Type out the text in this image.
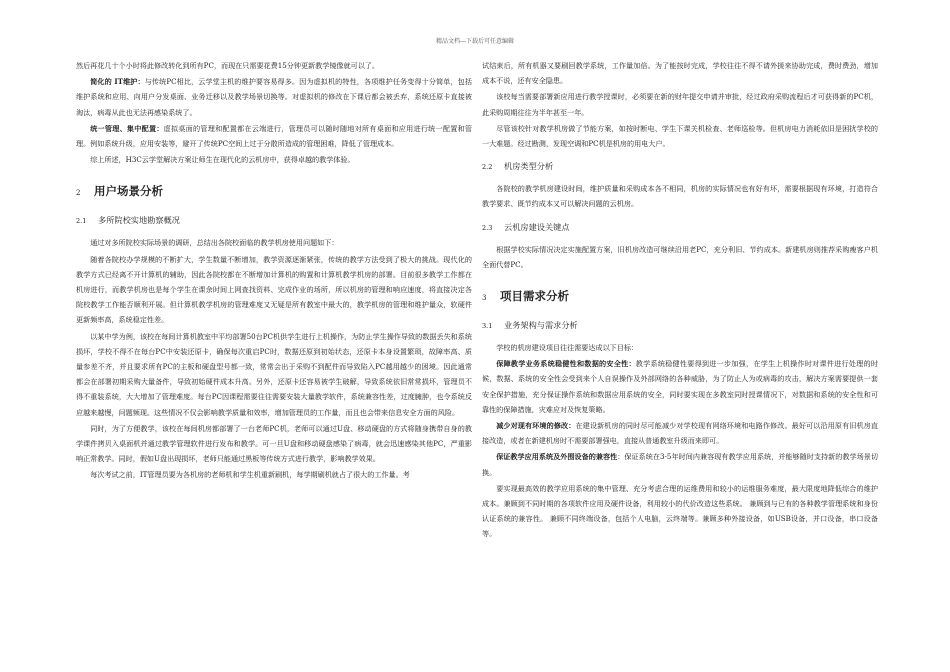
精品文档---下载后可任意编辑

然后再花几十个小时将此修改转化到所有PC，而现在只需要花费15分钟更新教学镜像就可以了。

简化的 IT维护：与传统PC相比，云学堂主机的维护要容易得多。因为虚拟机的特性，各项维护任务变得十分简单，包括维护系统和应用、向用户分发桌面、业务迁移以及教学场景切换等。对虚拟机的修改在下课后都会被丢弃，系统还原卡直接被淘汰，病毒从此也无法再感染系统了。

统一管理、集中配置：虚拟桌面的管理和配置都在云端进行，管理员可以随时随地对所有桌面和应用进行统一配置和管理。例如系统升级，应用安装等，避开了传统PC空间上过于分散所造成的管理困难，降低了管理成本。

综上所述，H3C云学堂解决方案让师生在现代化的云机房中，获得卓越的教学体验。

2 用户场景分析
2.1 多所院校实地勘察概况

通过对多所院校实际场景的调研，总结出各院校面临的教学机房使用问题如下：

随着各院校办学规模的不断扩大，学生数量不断增加，教学资源逐渐紧张，传统的教学方法受到了极大的挑战。现代化的教学方式已经离不开计算机的辅助，因此各院校都在不断增加计算机的购置和计算机教学机房的部署。目前很多教学工作都在机房进行，而教学机房也是每个学生在课余时间上网查找资料、完成作业的场所，所以机房的管理和响应速度，将直接决定各院校教学工作能否顺利开展。但计算机教学机房的管理难度又无疑是所有教室中最大的，教学机房的管理和维护量众，软硬件更新频率高，系统稳定性差。

以某中学为例，该校在每间计算机教室中平均部署50台PC机供学生进行上机操作，为防止学生操作导致的数据丢失和系统损坏，学校不得不在每台PC中安装还原卡，确保每次重启PC时，数据还原到初始状态，还原卡本身设置繁琐，故障率高、质量参差不齐，并且要求所有PC的主板和硬盘型号都一致，常常会出于采购不到配件而导致陷入PC越用越少的困境。因此通常都会在部署初期采购大量备件，导致初始硬件成本升高。另外，还原卡还容易被学生破解，导致系统依旧常常损坏，管理员不得不重装系统，大大增加了管理难度。每台PC因课程需要往往需要安装大量教学软件，系统兼容性差，过度臃肿，也令系统反应越来越慢，问题频现。这些情况不仅会影响教学质量和效率，增加管理员的工作量，而且也会带来信息安全方面的风险。

同时，为了方便教学，该校在每间机房都部署了一台老师PC机，老师可以通过U盘、移动硬盘的方式将随身携带自身的教学课件拷贝入桌面机并通过教学管理软件进行发布和教学。可一旦U盘和移动硬盘感染了病毒，就会迅速感染其他PC，严重影响正常教学。同时，假如U盘出现损坏，老师只能通过黑板等传统方式进行教学，影响教学效果。

每次考试之前，IT管理员要为各机房的老师机和学生机重新刷机，每学期刷机就占了很大的工作量。考

试结束后，所有机器又要刷回教学系统，工作量加倍。为了能按时完成，学校往往不得不请外援来协助完成，费时费劲，增加成本不说，还有安全隐患。

该校每当需要部署新应用进行教学授课时，必须要在新的财年提交申请并审批，经过政府采购流程后才可获得新的PC机，此采购周期往往为半年甚至一年。

尽管该校针对教学机房做了节能方案，如按时断电、学生下课关机检查、老师巡检等。但机房电力消耗依旧是困扰学校的一大难题。经过勘测，发现空调和PC机是机房的用电大户。

2.2 机房类型分析

各院校的教学机房建设时间，维护质量和采购成本各不相同，机房的实际情况也有好有坏，需要根据现有环境，打造符合教学要求、既节约成本又可以解决问题的云机房。

2.3 云机房建设关键点

根据学校实际情况决定实施配置方案，旧机房改造可继续沿用老PC，充分利旧、节约成本。新建机房则推荐采购瘦客户机全面代替PC。

3 项目需求分析
3.1 业务架构与需求分析

学校的机房建设项目往往需要达成以下目标：

保障教学业务系统稳健性和数据的安全性：教学系统稳健性要得到进一步加强，在学生上机操作时对课件进行处理的时候，数据、系统的安全性会受到来个人自误操作及外部网络的各种威胁，为了防止人为或病毒的攻击，解决方案需要提供一套安全保护措施，充分保证操作系统和数据应用系统的安全，同时要实现在多教室同时授课情况下，对数据和系统的安全性和可靠性的保障措施，灾难应对及恢复策略。

减少对现有环境的修改：在建设新机房的同时尽可能减少对学校现有网络环境和电路作修改。最好可以沿用原有旧机房直接改造，或者在新建机房时不需要部署强电，直接从普通教室升级而来即可。

保证教学应用系统及外围设备的兼容性：保证系统在3-5年时间内兼容现有教学应用系统，并能够随时支持新的教学场景切换。

要实现最高效的教学应用系统的集中管理、充分考虑合理的运维费用和较小的运维服务难度，最大限度地降低综合的维护成本。兼顾到不同时期的各项软件应用及硬件设备，利用较小的代价改造这些系统。 兼顾到与已有的各种教学管理系统和身份认证系统的兼容性。 兼顾不同终端设备，包括个人电脑，云终端等。兼顾多种外接设备，如USB设备，并口设备，串口设备等。
